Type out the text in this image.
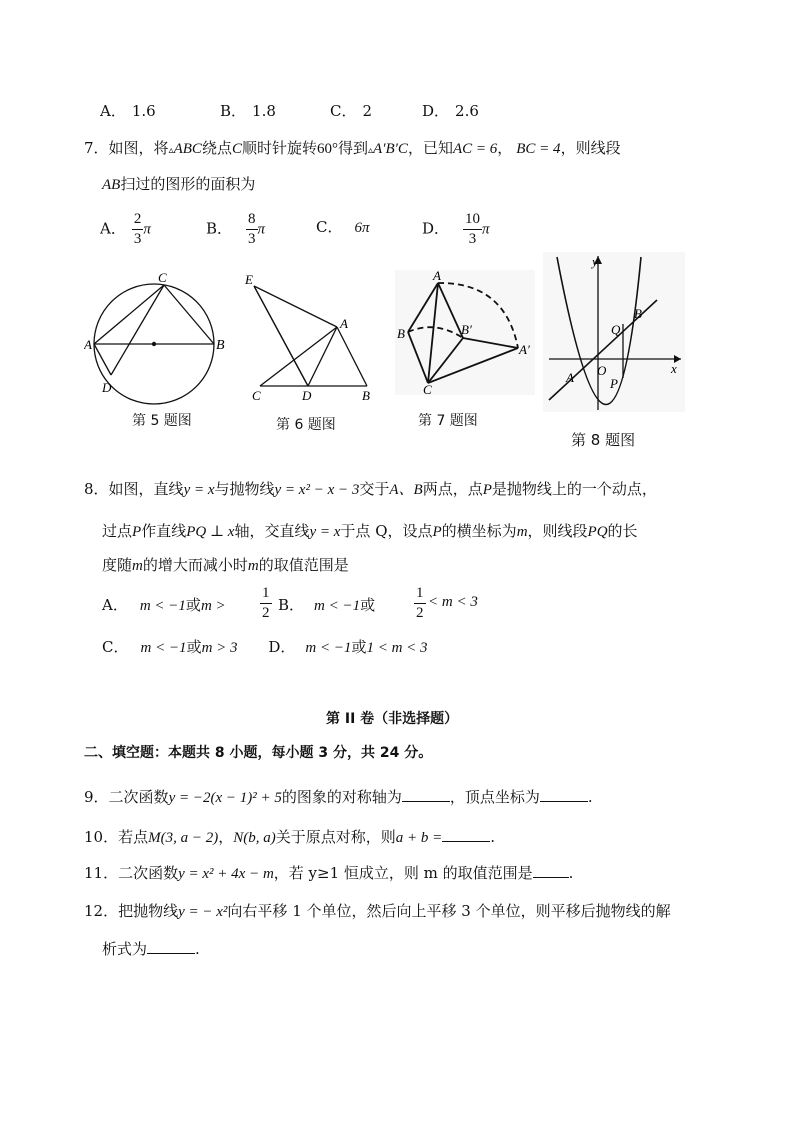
A． 1.6	B． 1.8	C． 2	D． 2.6
7．如图，将▵ABC绕点C顺时针旋转60°得到▵A′B′C，已知AC = 6， BC = 4，则线段
AB扫过的图形的面积为
A． $\frac{2}{3}$ π	B． $\frac{8}{3}$ π	C． 6π	D． $\frac{10}{3}$ π
A	B
C
D
第 5 题图
E
A
C	D	B
第 6 题图
A
B	B′
A′
C
第 7 题图
y
x
O
A
B
Q
P
第 8 题图
8．如图，直线y = x与抛物线y = x² − x − 3交于A、B两点，点P是抛物线上的一个动点，
过点P作直线PQ ⊥ x轴，交直线y = x于点 Q，设点P的横坐标为m，则线段PQ的长
度随m的增大而减小时m的取值范围是
A． m < −1或$m > \frac{1}{2}$ B． m < −1或	$\frac{1}{2} < m < 3$
C． m < −1或m > 3 D． m < −1或1 < m < 3
第 II 卷（非选择题）
二、填空题：本题共 8 小题，每小题 3 分，共 24 分。
9．二次函数y = −2(x − 1)² + 5的图象的对称轴为	，顶点坐标为	.
10．若点M(3, a − 2)，N(b, a)关于原点对称，则a + b =	.
11．二次函数y = x² + 4x − m，若 y≥1 恒成立，则 m 的取值范围是 .
12．把抛物线y = − x²向右平移 1 个单位，然后向上平移 3 个单位，则平移后抛物线的解
析式为	.
